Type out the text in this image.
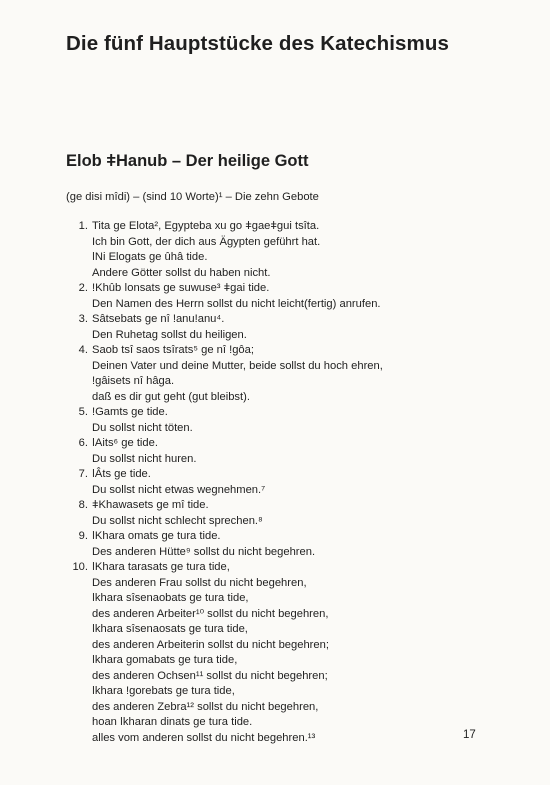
Die fünf Hauptstücke des Katechismus
Elob ǂHanub – Der heilige Gott
(ge disi mîdi) – (sind 10 Worte)¹ – Die zehn Gebote
1. Tita ge Elota², Egypteba xu go ǂgaeǂgui tsîta.
Ich bin Gott, der dich aus Ägypten geführt hat.
ǀNi Elogats ge ûhâ tide.
Andere Götter sollst du haben nicht.
2. !Khûb ǀonsats ge suwuse³ ǂgai tide.
Den Namen des Herrn sollst du nicht leicht(fertig) anrufen.
3. Sâtsebats ge nî !anu!anu⁴.
Den Ruhetag sollst du heiligen.
4. Saob tsî saos tsîrats⁵ ge nî !gôa;
Deinen Vater und deine Mutter, beide sollst du hoch ehren,
!gâisets nî hâga.
daß es dir gut geht (gut bleibst).
5. !Gamts ge tide.
Du sollst nicht töten.
6. ǀAits⁶ ge tide.
Du sollst nicht huren.
7. ǀÂts ge tide.
Du sollst nicht etwas wegnehmen.⁷
8. ǂKhawasets ge mî tide.
Du sollst nicht schlecht sprechen.⁸
9. ǀKhara omats ge tura tide.
Des anderen Hütte⁹ sollst du nicht begehren.
10. ǀKhara tarasats ge tura tide,
Des anderen Frau sollst du nicht begehren,
ǀkhara sîsenaobats ge tura tide,
des anderen Arbeiter¹⁰ sollst du nicht begehren,
ǀkhara sîsenaosats ge tura tide,
des anderen Arbeiterin sollst du nicht begehren;
ǀkhara gomabats ge tura tide,
des anderen Ochsen¹¹ sollst du nicht begehren;
ǀkhara !gorebats ge tura tide,
des anderen Zebra¹² sollst du nicht begehren,
hoan ǀkharan dinats ge tura tide.
alles vom anderen sollst du nicht begehren.¹³	17
